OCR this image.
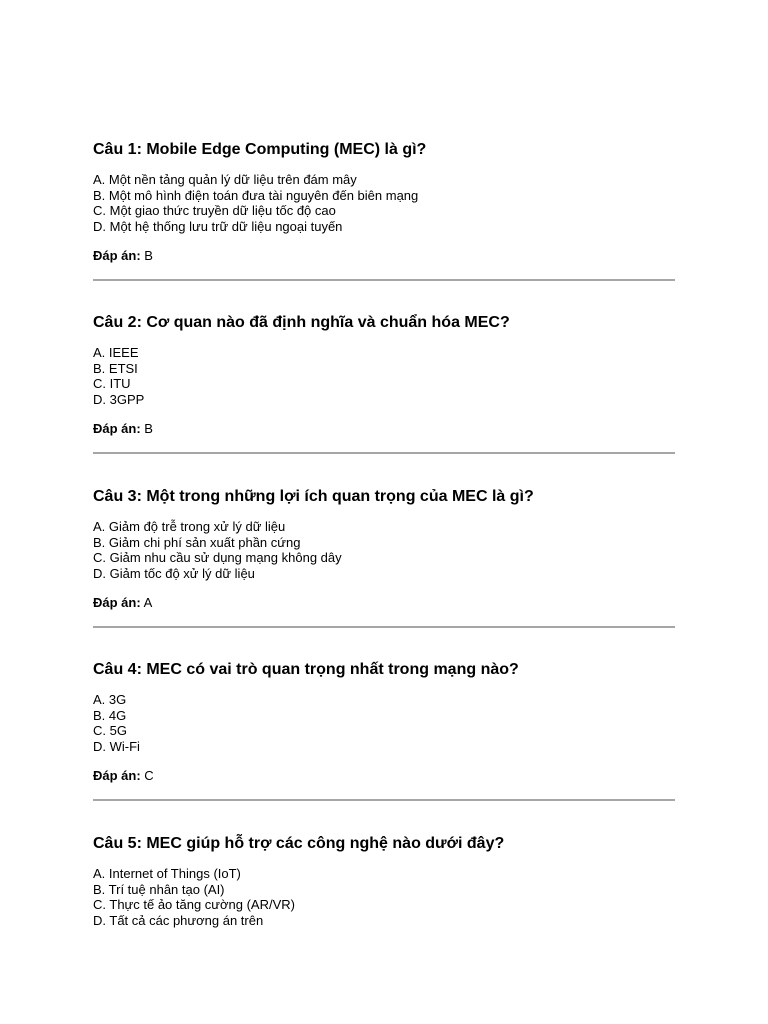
Câu 1: Mobile Edge Computing (MEC) là gì?

A. Một nền tảng quản lý dữ liệu trên đám mây
B. Một mô hình điện toán đưa tài nguyên đến biên mạng
C. Một giao thức truyền dữ liệu tốc độ cao
D. Một hệ thống lưu trữ dữ liệu ngoại tuyến
Đáp án: B

Câu 2: Cơ quan nào đã định nghĩa và chuẩn hóa MEC?

A. IEEE
B. ETSI
C. ITU
D. 3GPP
Đáp án: B

Câu 3: Một trong những lợi ích quan trọng của MEC là gì?

A. Giảm độ trễ trong xử lý dữ liệu
B. Giảm chi phí sản xuất phần cứng
C. Giảm nhu cầu sử dụng mạng không dây
D. Giảm tốc độ xử lý dữ liệu
Đáp án: A

Câu 4: MEC có vai trò quan trọng nhất trong mạng nào?

A. 3G
B. 4G
C. 5G
D. Wi-Fi
Đáp án: C

Câu 5: MEC giúp hỗ trợ các công nghệ nào dưới đây?

A. Internet of Things (IoT)
B. Trí tuệ nhân tạo (AI)
C. Thực tế ảo tăng cường (AR/VR)
D. Tất cả các phương án trên
